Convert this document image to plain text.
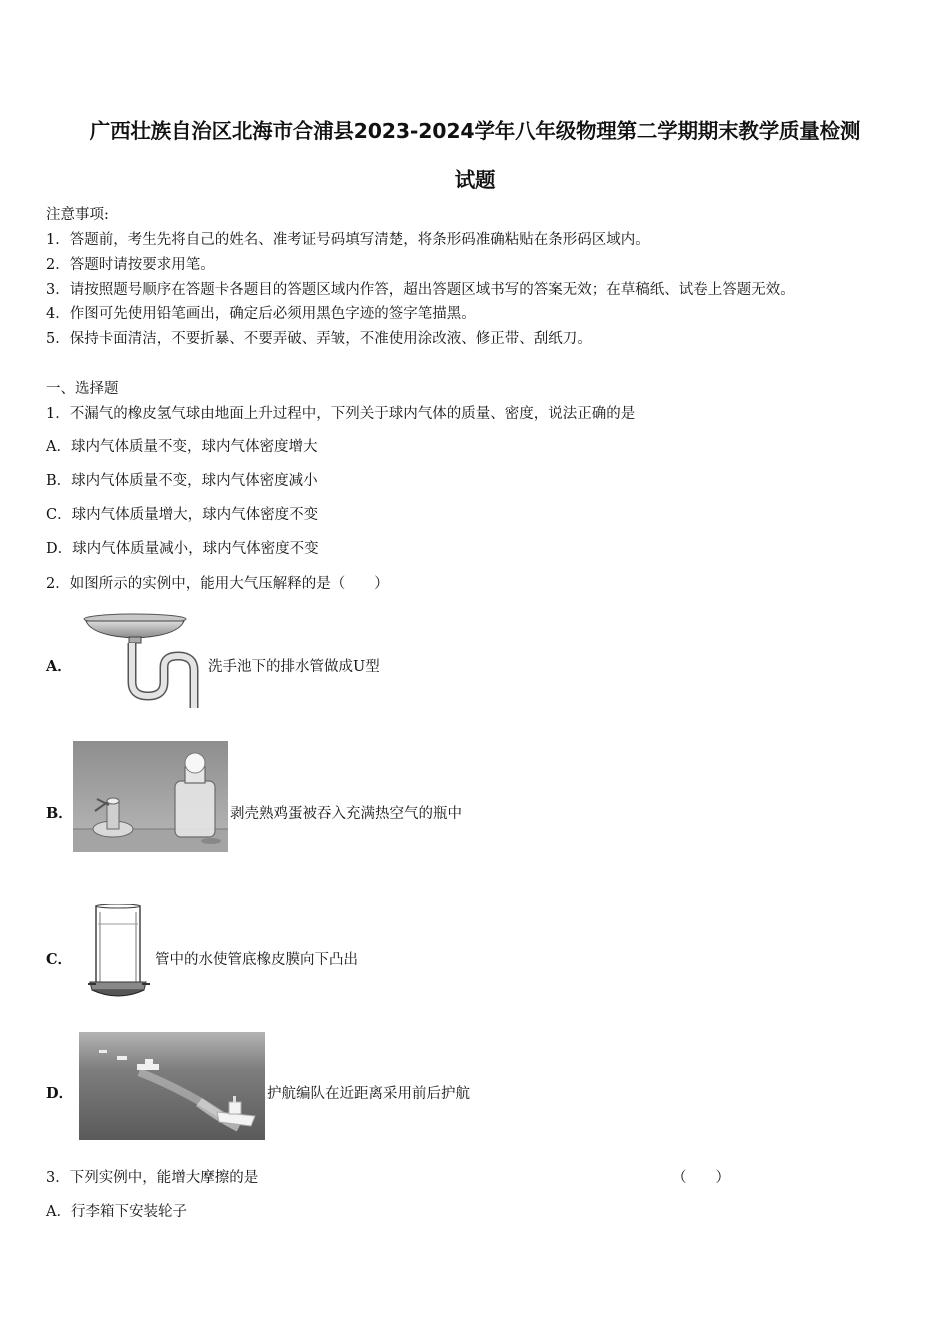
广西壮族自治区北海市合浦县2023-2024学年八年级物理第二学期期末教学质量检测
试题
注意事项:
1．答题前，考生先将自己的姓名、准考证号码填写清楚，将条形码准确粘贴在条形码区域内。
2．答题时请按要求用笔。
3．请按照题号顺序在答题卡各题目的答题区域内作答，超出答题区域书写的答案无效；在草稿纸、试卷上答题无效。
4．作图可先使用铅笔画出，确定后必须用黑色字迹的签字笔描黑。
5．保持卡面清洁，不要折暴、不要弄破、弄皱，不准使用涂改液、修正带、刮纸刀。
一、选择题
1．不漏气的橡皮氢气球由地面上升过程中，下列关于球内气体的质量、密度，说法正确的是
A．球内气体质量不变，球内气体密度增大
B．球内气体质量不变，球内气体密度减小
C．球内气体质量增大，球内气体密度不变
D．球内气体质量减小，球内气体密度不变
2．如图所示的实例中，能用大气压解释的是（　　）
A．	洗手池下的排水管做成U型
B．	剥壳熟鸡蛋被吞入充满热空气的瓶中
C．	管中的水使管底橡皮膜向下凸出
D．	护航编队在近距离采用前后护航
3．下列实例中，能增大摩擦的是	（　　）
A．行李箱下安装轮子
